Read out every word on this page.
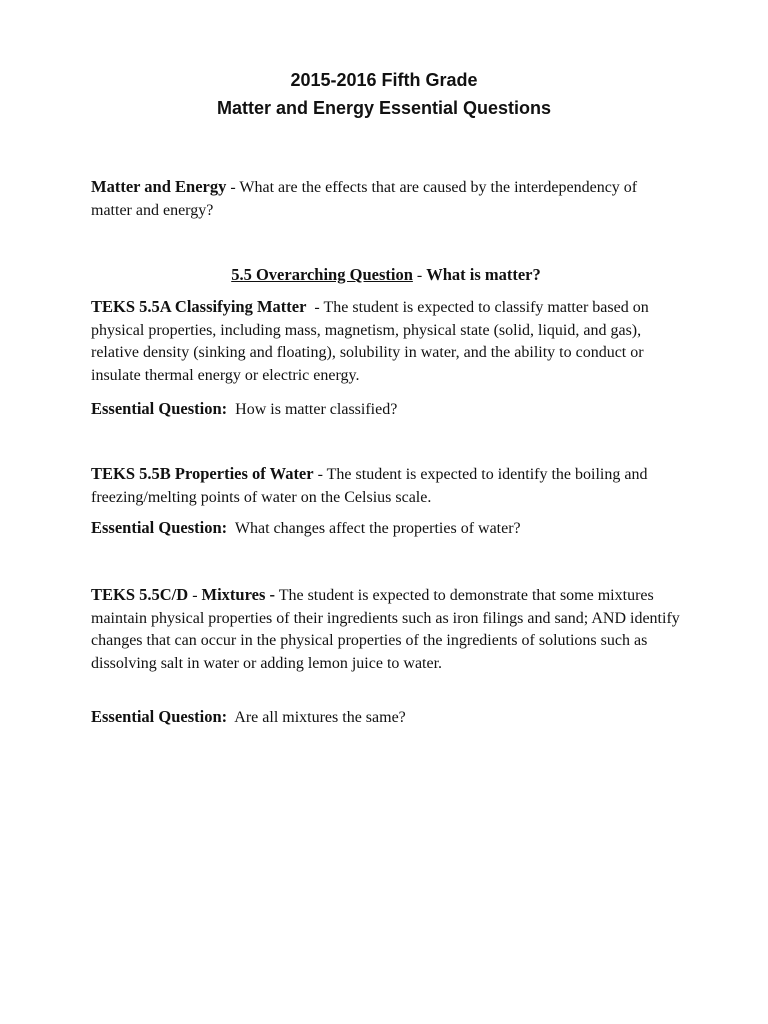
2015-2016 Fifth Grade
Matter and Energy Essential Questions
Matter and Energy - What are the effects that are caused by the interdependency of matter and energy?
5.5 Overarching Question - What is matter?
TEKS 5.5A Classifying Matter  - The student is expected to classify matter based on physical properties, including mass, magnetism, physical state (solid, liquid, and gas), relative density (sinking and floating), solubility in water, and the ability to conduct or insulate thermal energy or electric energy.
Essential Question: How is matter classified?
TEKS 5.5B Properties of Water - The student is expected to identify the boiling and freezing/melting points of water on the Celsius scale.
Essential Question: What changes affect the properties of water?
TEKS 5.5C/D - Mixtures - The student is expected to demonstrate that some mixtures maintain physical properties of their ingredients such as iron filings and sand; AND identify changes that can occur in the physical properties of the ingredients of solutions such as dissolving salt in water or adding lemon juice to water.
Essential Question: Are all mixtures the same?
